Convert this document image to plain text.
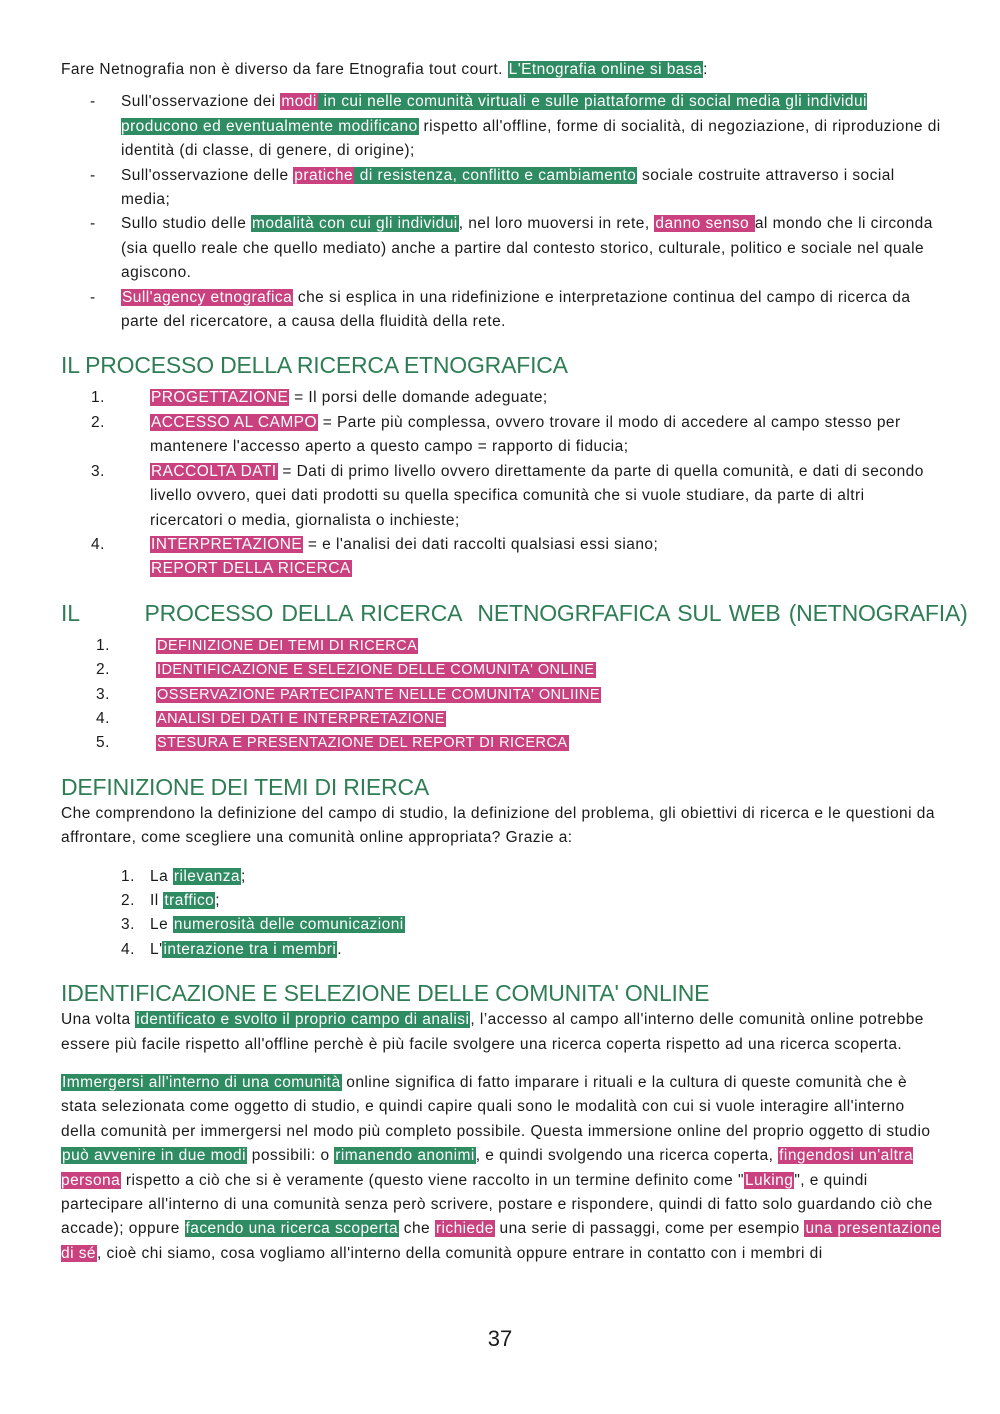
Fare Netnografia non è diverso da fare Etnografia tout court. L'Etnografia online si basa:

- Sull'osservazione dei modi in cui nelle comunità virtuali e sulle piattaforme di social media gli individui producono ed eventualmente modificano rispetto all'offline, forme di socialità, di negoziazione, di riproduzione di identità (di classe, di genere, di origine);
- Sull'osservazione delle pratiche di resistenza, conflitto e cambiamento sociale costruite attraverso i social media;
- Sullo studio delle modalità con cui gli individui, nel loro muoversi in rete, danno senso al mondo che li circonda (sia quello reale che quello mediato) anche a partire dal contesto storico, culturale, politico e sociale nel quale agiscono.
- Sull'agency etnografica che si esplica in una ridefinizione e interpretazione continua del campo di ricerca da parte del ricercatore, a causa della fluidità della rete.
IL PROCESSO DELLA RICERCA ETNOGRAFICA
1.	PROGETTAZIONE = Il porsi delle domande adeguate;
2.	ACCESSO AL CAMPO = Parte più complessa, ovvero trovare il modo di accedere al campo stesso per mantenere l'accesso aperto a questo campo = rapporto di fiducia;
3.	RACCOLTA DATI = Dati di primo livello ovvero direttamente da parte di quella comunità, e dati di secondo livello ovvero, quei dati prodotti su quella specifica comunità che si vuole studiare, da parte di altri ricercatori o media, giornalista o inchieste;
4.	INTERPRETAZIONE = e l'analisi dei dati raccolti qualsiasi essi siano;
REPORT DELLA RICERCA
IL        PROCESSO DELLA RICERCA  NETNOGRFAFICA SUL WEB (NETNOGRAFIA)
1.	DEFINIZIONE DEI TEMI DI RICERCA
2.	IDENTIFICAZIONE E SELEZIONE DELLE COMUNITA' ONLINE
3.	OSSERVAZIONE PARTECIPANTE NELLE COMUNITA' ONLIINE
4.	ANALISI DEI DATI E INTERPRETAZIONE
5.	STESURA E PRESENTAZIONE DEL REPORT DI RICERCA
DEFINIZIONE DEI TEMI DI RIERCA

Che comprendono la definizione del campo di studio, la definizione del problema, gli obiettivi di ricerca e le questioni da affrontare, come scegliere una comunità online appropriata? Grazie a:

1. La rilevanza;
2. Il traffico;
3. Le numerosità delle comunicazioni
4. L'interazione tra i membri.
IDENTIFICAZIONE E SELEZIONE DELLE COMUNITA' ONLINE

Una volta identificato e svolto il proprio campo di analisi, l’accesso al campo all'interno delle comunità online potrebbe essere più facile rispetto all'offline perchè è più facile svolgere una ricerca coperta rispetto ad una ricerca scoperta.

Immergersi all'interno di una comunità online significa di fatto imparare i rituali e la cultura di queste comunità che è stata selezionata come oggetto di studio, e quindi capire quali sono le modalità con cui si vuole interagire all'interno della comunità per immergersi nel modo più completo possibile. Questa immersione online del proprio oggetto di studio può avvenire in due modi possibili: o rimanendo anonimi, e quindi svolgendo una ricerca coperta, fingendosi un'altra persona rispetto a ciò che si è veramente (questo viene raccolto in un termine definito come "Luking", e quindi partecipare all'interno di una comunità senza però scrivere, postare e rispondere, quindi di fatto solo guardando ciò che accade); oppure facendo una ricerca scoperta che richiede una serie di passaggi, come per esempio una presentazione di sé, cioè chi siamo, cosa vogliamo all'interno della comunità oppure entrare in contatto con i membri di

37
